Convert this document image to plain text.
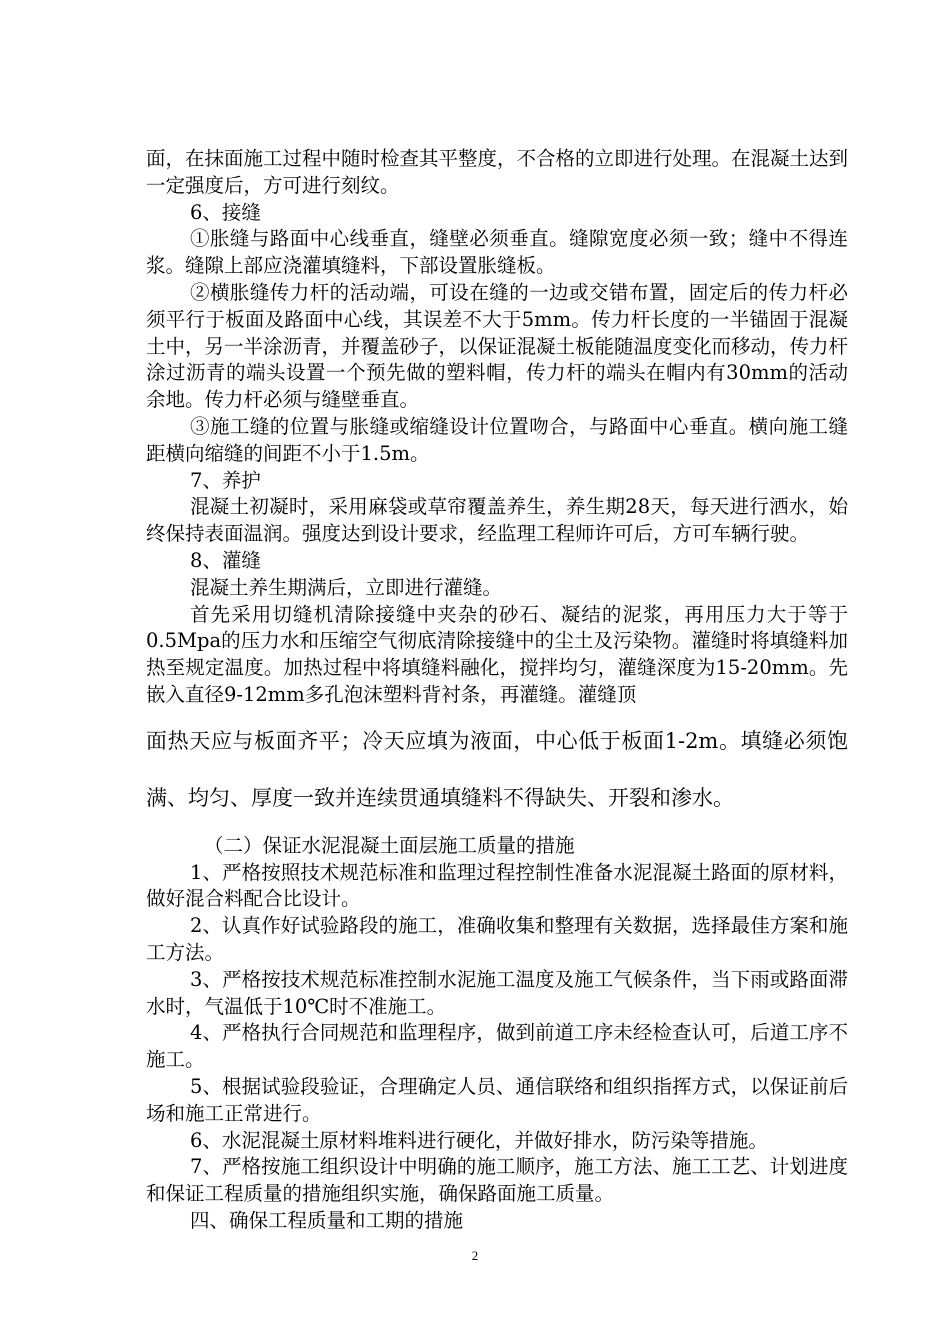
面，在抹面施工过程中随时检查其平整度，不合格的立即进行处理。在混凝土达到一定强度后，方可进行刻纹。

6、接缝

①胀缝与路面中心线垂直，缝壁必须垂直。缝隙宽度必须一致；缝中不得连浆。缝隙上部应浇灌填缝料，下部设置胀缝板。

②横胀缝传力杆的活动端，可设在缝的一边或交错布置，固定后的传力杆必须平行于板面及路面中心线，其误差不大于5mm。传力杆长度的一半锚固于混凝土中，另一半涂沥青，并覆盖砂子，以保证混凝土板能随温度变化而移动，传力杆涂过沥青的端头设置一个预先做的塑料帽，传力杆的端头在帽内有30mm的活动余地。传力杆必须与缝壁垂直。

③施工缝的位置与胀缝或缩缝设计位置吻合，与路面中心垂直。横向施工缝距横向缩缝的间距不小于1.5m。

7、养护

混凝土初凝时，采用麻袋或草帘覆盖养生，养生期28天，每天进行洒水，始终保持表面温润。强度达到设计要求，经监理工程师许可后，方可车辆行驶。

8、灌缝

混凝土养生期满后，立即进行灌缝。

首先采用切缝机清除接缝中夹杂的砂石、凝结的泥浆，再用压力大于等于0.5Mpa的压力水和压缩空气彻底清除接缝中的尘土及污染物。灌缝时将填缝料加热至规定温度。加热过程中将填缝料融化，搅拌均匀，灌缝深度为15-20mm。先嵌入直径9-12mm多孔泡沫塑料背衬条，再灌缝。灌缝顶

面热天应与板面齐平；冷天应填为液面，中心低于板面1-2m。填缝必须饱满、均匀、厚度一致并连续贯通填缝料不得缺失、开裂和渗水。

（二）保证水泥混凝土面层施工质量的措施

1、严格按照技术规范标准和监理过程控制性准备水泥混凝土路面的原材料，做好混合料配合比设计。

2、认真作好试验路段的施工，准确收集和整理有关数据，选择最佳方案和施工方法。

3、严格按技术规范标准控制水泥施工温度及施工气候条件，当下雨或路面滞水时，气温低于10℃时不准施工。

4、严格执行合同规范和监理程序，做到前道工序未经检查认可，后道工序不施工。

5、根据试验段验证，合理确定人员、通信联络和组织指挥方式，以保证前后场和施工正常进行。

6、水泥混凝土原材料堆料进行硬化，并做好排水，防污染等措施。

7、严格按施工组织设计中明确的施工顺序，施工方法、施工工艺、计划进度和保证工程质量的措施组织实施，确保路面施工质量。

四、确保工程质量和工期的措施

2
